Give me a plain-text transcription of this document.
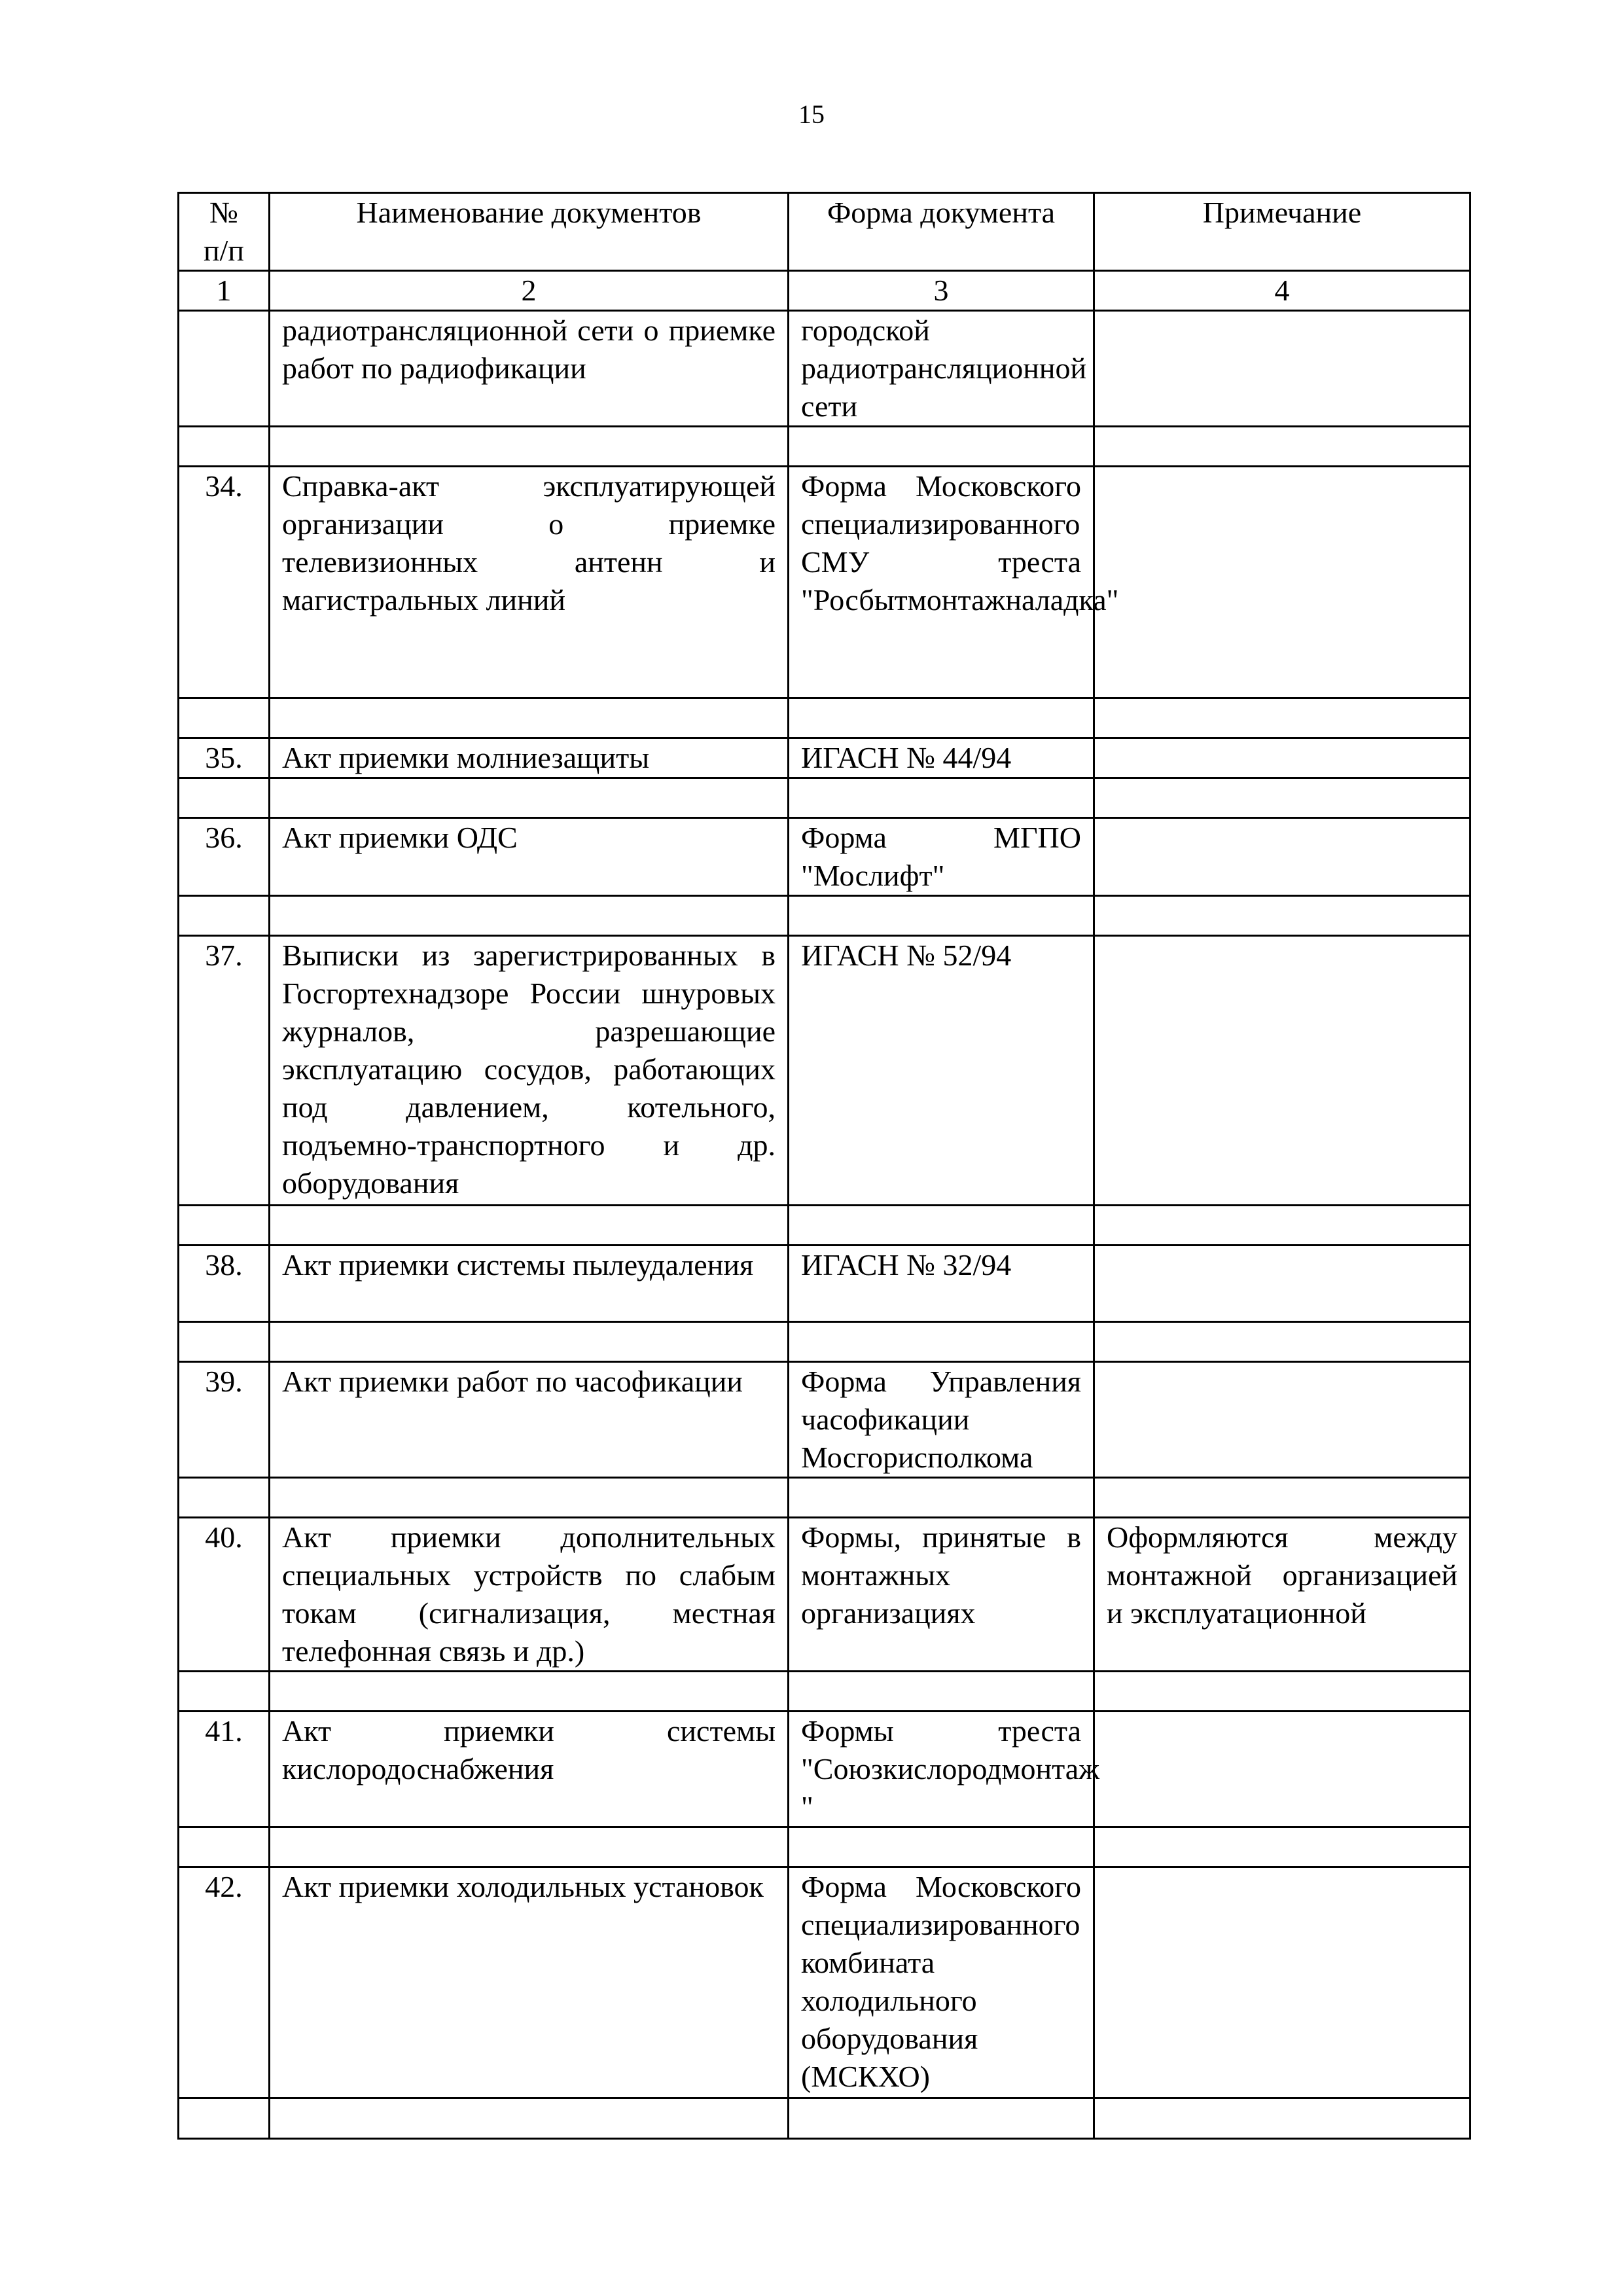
15
№
п/п	Наименование документов	Форма документа	Примечание
1	2	3	4
	радиотрансляционной сети о приемке работ по радиофикации	городской радиотрансляционной сети	

34.	Справка-акт эксплуатирующей организации о приемке телевизионных антенн и магистральных линий	Форма Московского специализированного СМУ треста "Росбытмонтажналадка"	

35.	Акт приемки молниезащиты	ИГАСН № 44/94	

36.	Акт приемки ОДС	Форма МГПО "Мослифт"	

37.	Выписки из зарегистрированных в Госгортехнадзоре России шнуровых журналов, разрешающие эксплуатацию сосудов, работающих под давлением, котельного, подъемно-транспортного и др. оборудования	ИГАСН № 52/94	

38.	Акт приемки системы пылеудаления	ИГАСН № 32/94	

39.	Акт приемки работ по часофикации	Форма Управления часофикации Мосгорисполкома	

40.	Акт приемки дополнительных специальных устройств по слабым токам (сигнализация, местная телефонная связь и др.)	Формы, принятые в монтажных организациях	Оформляются между монтажной организацией и эксплуатационной

41.	Акт приемки системы кислородоснабжения	Формы треста "Союзкислородмонтаж "	

42.	Акт приемки холодильных установок	Форма Московского специализированного комбината холодильного оборудования (МСКХО)	
